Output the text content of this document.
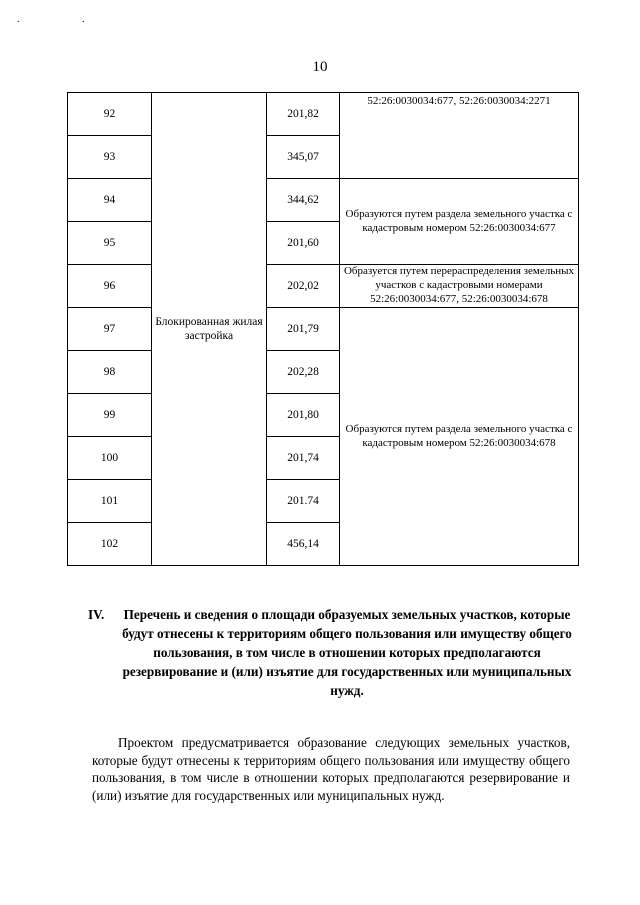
. .
10
92	Блокированная жилая застройка	201,82	52:26:0030034:677, 52:26:0030034:2271
93		345,07	
94		344,62	Образуются путем раздела земельного участка с кадастровым номером 52:26:0030034:677
95		201,60	
96		202,02	Образуется путем перераспределения земельных участков с кадастровыми номерами 52:26:0030034:677, 52:26:0030034:678
97		201,79	Образуются путем раздела земельного участка с кадастровым номером 52:26:0030034:678
98		202,28	
99		201,80	
100		201,74	
101		201.74	
102		456,14	
IV.	Перечень и сведения о площади образуемых земельных участков, которые будут отнесены к территориям общего пользования или имуществу общего пользования, в том числе в отношении которых предполагаются резервирование и (или) изъятие для государственных или муниципальных нужд.
Проектом предусматривается образование следующих земельных участков, которые будут отнесены к территориям общего пользования или имуществу общего пользования, в том числе в отношении которых предполагаются резервирование и (или) изъятие для государственных или муниципальных нужд.
